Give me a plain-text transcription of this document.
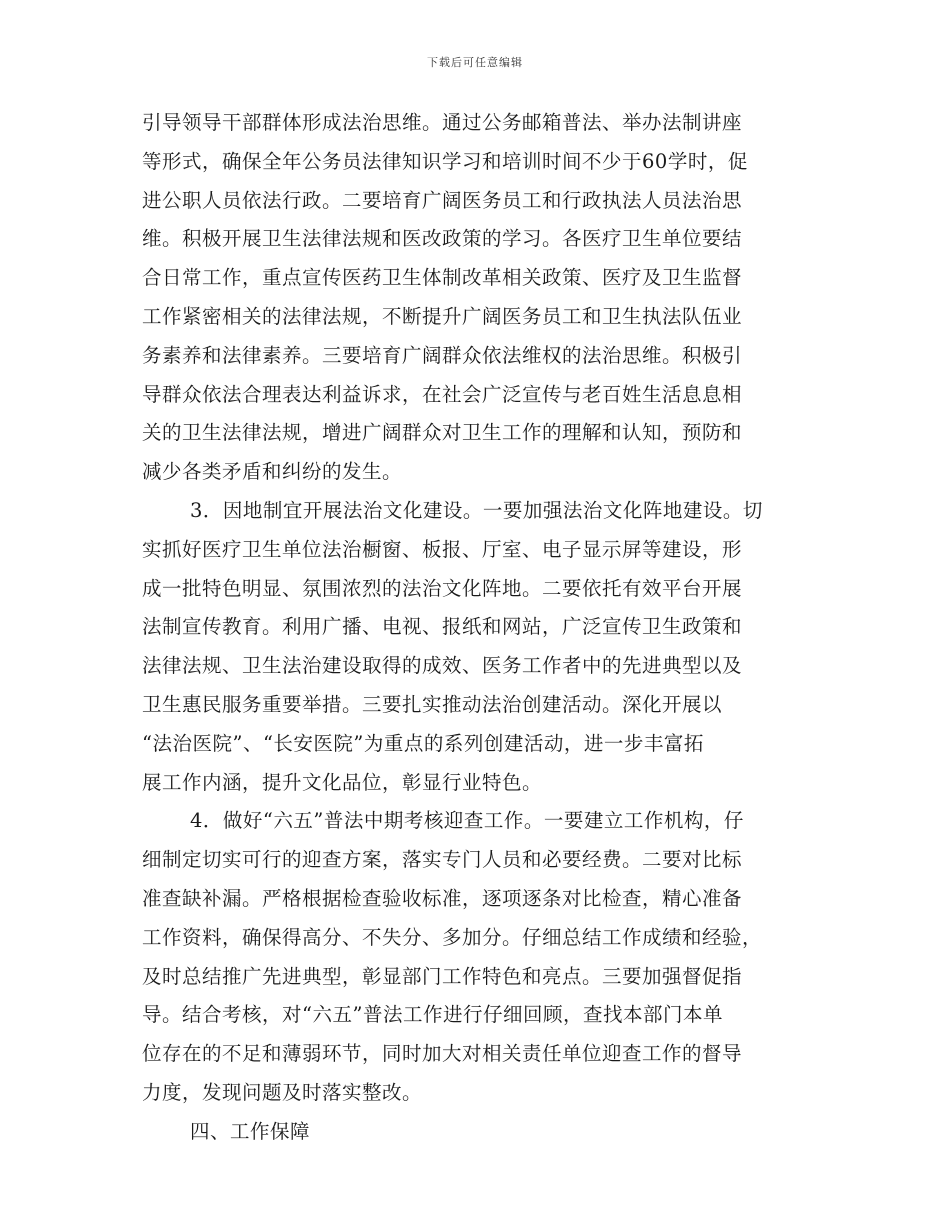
下载后可任意编辑
引导领导干部群体形成法治思维。通过公务邮箱普法、举办法制讲座
等形式，确保全年公务员法律知识学习和培训时间不少于60学时，促
进公职人员依法行政。二要培育广阔医务员工和行政执法人员法治思
维。积极开展卫生法律法规和医改政策的学习。各医疗卫生单位要结
合日常工作，重点宣传医药卫生体制改革相关政策、医疗及卫生监督
工作紧密相关的法律法规，不断提升广阔医务员工和卫生执法队伍业
务素养和法律素养。三要培育广阔群众依法维权的法治思维。积极引
导群众依法合理表达利益诉求，在社会广泛宣传与老百姓生活息息相
关的卫生法律法规，增进广阔群众对卫生工作的理解和认知，预防和
减少各类矛盾和纠纷的发生。
3．因地制宜开展法治文化建设。一要加强法治文化阵地建设。切
实抓好医疗卫生单位法治橱窗、板报、厅室、电子显示屏等建设，形
成一批特色明显、氛围浓烈的法治文化阵地。二要依托有效平台开展
法制宣传教育。利用广播、电视、报纸和网站，广泛宣传卫生政策和
法律法规、卫生法治建设取得的成效、医务工作者中的先进典型以及
卫生惠民服务重要举措。三要扎实推动法治创建活动。深化开展以
“法治医院”、“长安医院”为重点的系列创建活动，进一步丰富拓
展工作内涵，提升文化品位，彰显行业特色。
4．做好“六五”普法中期考核迎查工作。一要建立工作机构，仔
细制定切实可行的迎查方案，落实专门人员和必要经费。二要对比标
准查缺补漏。严格根据检查验收标准，逐项逐条对比检查，精心准备
工作资料，确保得高分、不失分、多加分。仔细总结工作成绩和经验，
及时总结推广先进典型，彰显部门工作特色和亮点。三要加强督促指
导。结合考核，对“六五”普法工作进行仔细回顾，查找本部门本单
位存在的不足和薄弱环节，同时加大对相关责任单位迎查工作的督导
力度，发现问题及时落实整改。
四、工作保障
